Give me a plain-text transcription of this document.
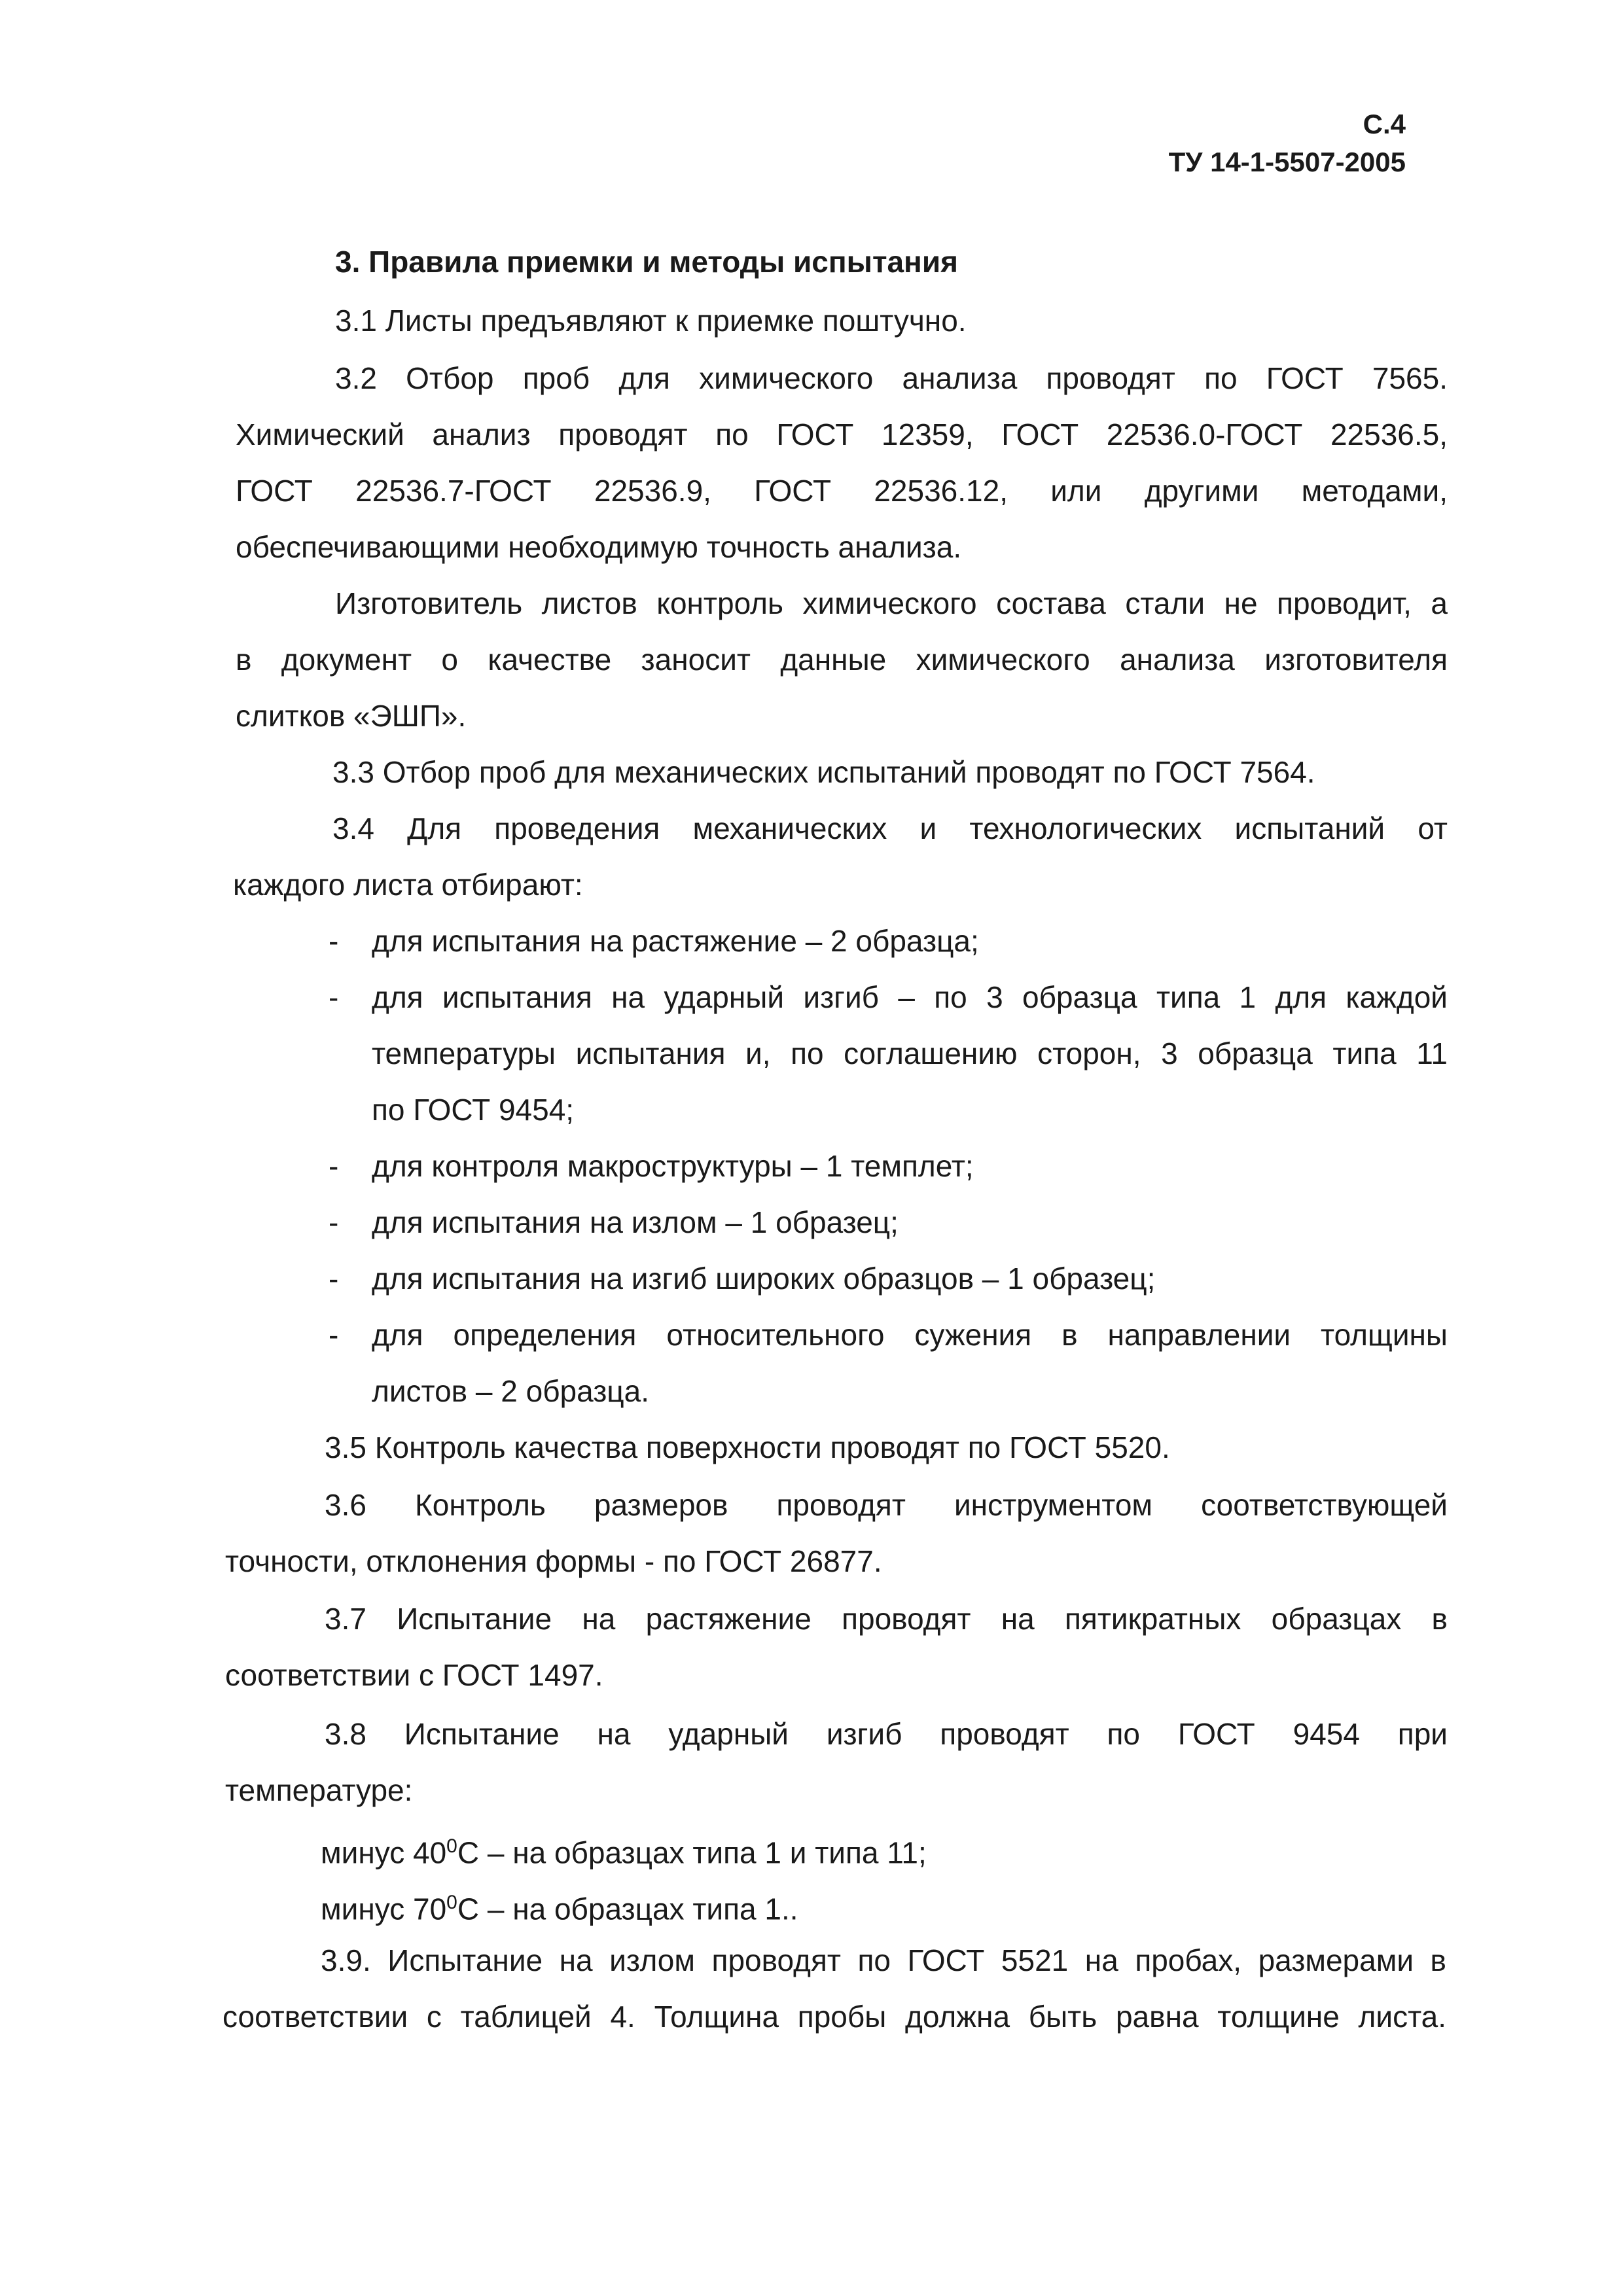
С.4

ТУ 14-1-5507-2005

3. Правила приемки и методы испытания

3.1 Листы предъявляют к приемке поштучно.

3.2 Отбор проб для химического анализа проводят по ГОСТ 7565.

Химический анализ проводят по ГОСТ 12359, ГОСТ 22536.0-ГОСТ 22536.5,

ГОСТ 22536.7-ГОСТ 22536.9, ГОСТ 22536.12, или другими методами,

обеспечивающими необходимую точность анализа.

Изготовитель листов контроль химического состава стали не проводит, а

в документ о качестве заносит данные химического анализа изготовителя

слитков «ЭШП».

3.3 Отбор проб для механических испытаний проводят по ГОСТ 7564.

3.4 Для проведения механических и технологических испытаний от

каждого листа отбирают:

- для испытания на растяжение – 2 образца;
- для испытания на ударный изгиб – по 3 образца типа 1 для каждой
температуры испытания и, по соглашению сторон, 3 образца типа 11
по ГОСТ 9454;
- для контроля макроструктуры – 1 темплет;
- для испытания на излом – 1 образец;
- для испытания на изгиб широких образцов – 1 образец;
- для определения относительного сужения в направлении толщины
листов – 2 образца.

3.5 Контроль качества поверхности проводят по ГОСТ 5520.

3.6 Контроль размеров проводят инструментом соответствующей

точности, отклонения формы - по ГОСТ 26877.

3.7 Испытание на растяжение проводят на пятикратных образцах в

соответствии с ГОСТ 1497.

3.8 Испытание на ударный изгиб проводят по ГОСТ 9454 при

температуре:

минус $40^0С$ – на образцах типа 1 и типа 11;

минус $70^0С$ – на образцах типа 1..

3.9. Испытание на излом проводят по ГОСТ 5521 на пробах, размерами в

соответствии с таблицей 4. Толщина пробы должна быть равна толщине листа.
